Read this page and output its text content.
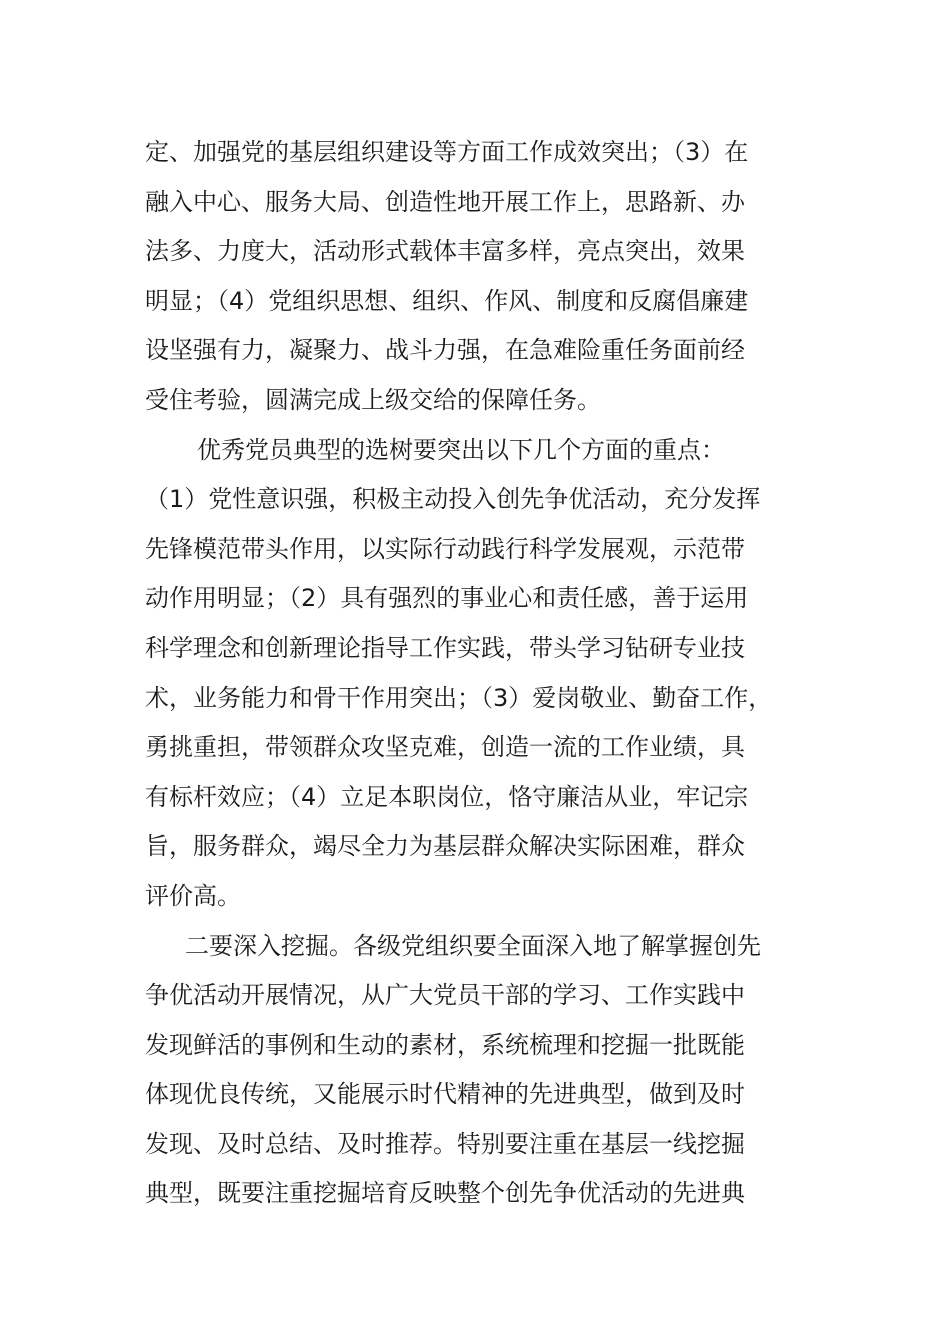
定、加强党的基层组织建设等方面工作成效突出；（3）在
融入中心、服务大局、创造性地开展工作上，思路新、办
法多、力度大，活动形式载体丰富多样，亮点突出，效果
明显；（4）党组织思想、组织、作风、制度和反腐倡廉建
设坚强有力，凝聚力、战斗力强，在急难险重任务面前经
受住考验，圆满完成上级交给的保障任务。
优秀党员典型的选树要突出以下几个方面的重点：
（1）党性意识强，积极主动投入创先争优活动，充分发挥
先锋模范带头作用，以实际行动践行科学发展观，示范带
动作用明显；（2）具有强烈的事业心和责任感，善于运用
科学理念和创新理论指导工作实践，带头学习钻研专业技
术，业务能力和骨干作用突出；（3）爱岗敬业、勤奋工作，
勇挑重担，带领群众攻坚克难，创造一流的工作业绩，具
有标杆效应；（4）立足本职岗位，恪守廉洁从业，牢记宗
旨，服务群众，竭尽全力为基层群众解决实际困难，群众
评价高。
二要深入挖掘。各级党组织要全面深入地了解掌握创先
争优活动开展情况，从广大党员干部的学习、工作实践中
发现鲜活的事例和生动的素材，系统梳理和挖掘一批既能
体现优良传统，又能展示时代精神的先进典型，做到及时
发现、及时总结、及时推荐。特别要注重在基层一线挖掘
典型，既要注重挖掘培育反映整个创先争优活动的先进典
